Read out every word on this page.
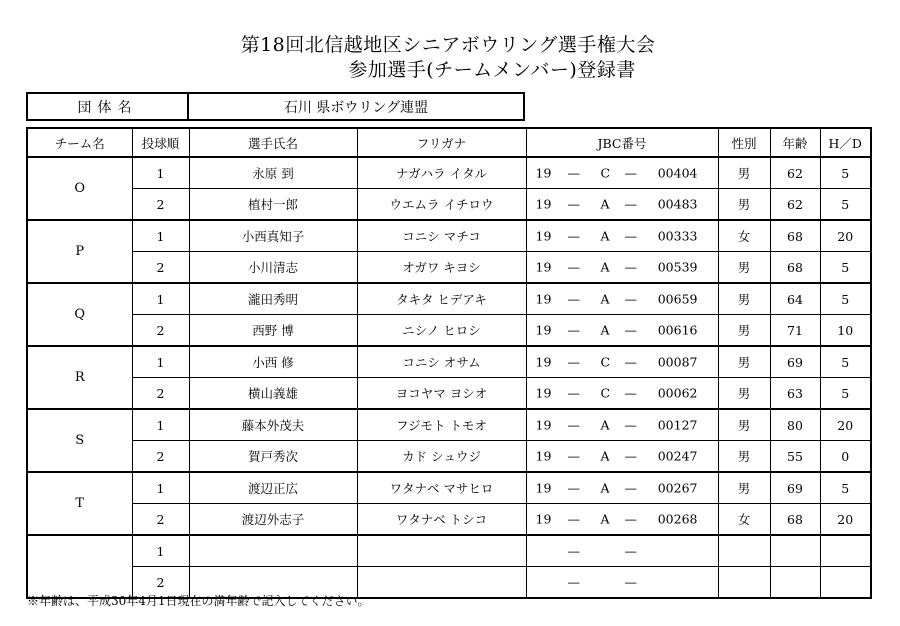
第18回北信越地区シニアボウリング選手権大会
参加選手(チームメンバー)登録書
団体名	石川 県ボウリング連盟
チーム名	投球順	選手氏名	フリガナ	JBC番号	性別	年齢	H／D
O	1	永原 到	ナガハラ イタル	19 — C — 00404	男	62	5
	2	植村一郎	ウエムラ イチロウ	19 — A — 00483	男	62	5
P	1	小西真知子	コニシ マチコ	19 — A — 00333	女	68	20
	2	小川清志	オガワ キヨシ	19 — A — 00539	男	68	5
Q	1	瀧田秀明	タキタ ヒデアキ	19 — A — 00659	男	64	5
	2	西野 博	ニシノ ヒロシ	19 — A — 00616	男	71	10
R	1	小西 修	コニシ オサム	19 — C — 00087	男	69	5
	2	横山義雄	ヨコヤマ ヨシオ	19 — C — 00062	男	63	5
S	1	藤本外茂夫	フジモト トモオ	19 — A — 00127	男	80	20
	2	賀戸秀次	カド シュウジ	19 — A — 00247	男	55	0
T	1	渡辺正広	ワタナベ マサヒロ	19 — A — 00267	男	69	5
	2	渡辺外志子	ワタナベ トシコ	19 — A — 00268	女	68	20
	1			— —			

	2			— —			

※年齢は、平成30年4月1日現在の満年齢で記入してください。
